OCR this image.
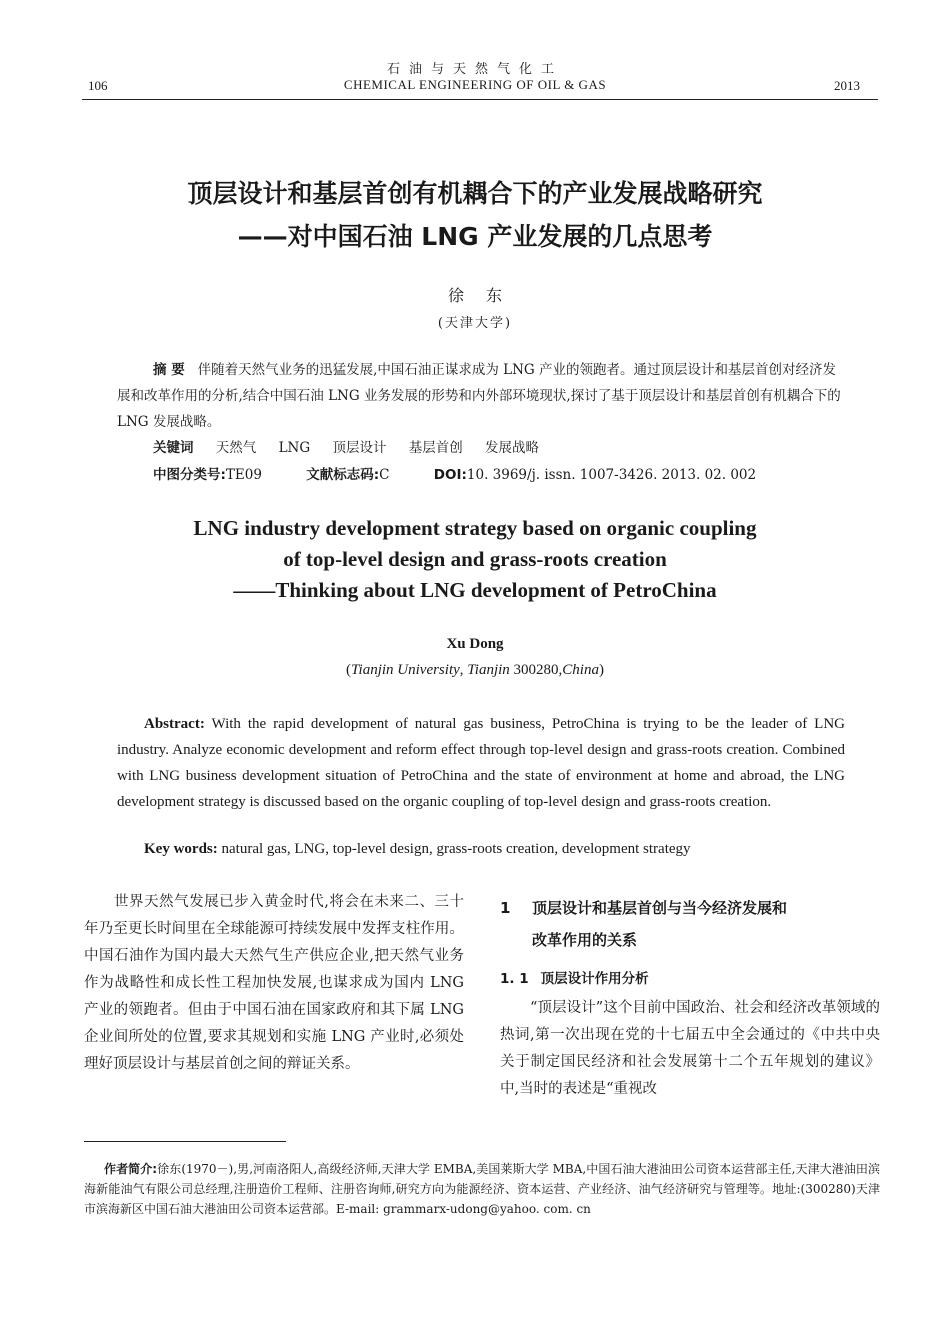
石油与天然气化工
CHEMICAL ENGINEERING OF OIL & GAS
106	2013
顶层设计和基层首创有机耦合下的产业发展战略研究
——对中国石油 LNG 产业发展的几点思考
徐东
(天津大学)
摘 要 伴随着天然气业务的迅猛发展,中国石油正谋求成为 LNG 产业的领跑者。通过顶层设计和基层首创对经济发展和改革作用的分析,结合中国石油 LNG 业务发展的形势和内外部环境现状,探讨了基于顶层设计和基层首创有机耦合下的 LNG 发展战略。
关键词 天然气 LNG 顶层设计 基层首创 发展战略
中图分类号:TE09	文献标志码:C	DOI:10. 3969/j. issn. 1007-3426. 2013. 02. 002
LNG industry development strategy based on organic coupling
of top-level design and grass-roots creation
——Thinking about LNG development of PetroChina
Xu Dong
(Tianjin University, Tianjin 300280,China)
Abstract: With the rapid development of natural gas business, PetroChina is trying to be the leader of LNG industry. Analyze economic development and reform effect through top-level design and grass-roots creation. Combined with LNG business development situation of PetroChina and the state of environment at home and abroad, the LNG development strategy is discussed based on the organic coupling of top-level design and grass-roots creation.
Key words: natural gas, LNG, top-level design, grass-roots creation, development strategy
世界天然气发展已步入黄金时代,将会在未来二、三十年乃至更长时间里在全球能源可持续发展中发挥支柱作用。中国石油作为国内最大天然气生产供应企业,把天然气业务作为战略性和成长性工程加快发展,也谋求成为国内 LNG 产业的领跑者。但由于中国石油在国家政府和其下属 LNG 企业间所处的位置,要求其规划和实施 LNG 产业时,必须处理好顶层设计与基层首创之间的辩证关系。
1 顶层设计和基层首创与当今经济发展和
改革作用的关系
1. 1 顶层设计作用分析
“顶层设计”这个目前中国政治、社会和经济改革领域的热词,第一次出现在党的十七届五中全会通过的《中共中央关于制定国民经济和社会发展第十二个五年规划的建议》中,当时的表述是“重视改
作者简介:徐东(1970－),男,河南洛阳人,高级经济师,天津大学 EMBA,美国莱斯大学 MBA,中国石油大港油田公司资本运营部主任,天津大港油田滨海新能油气有限公司总经理,注册造价工程师、注册咨询师,研究方向为能源经济、资本运营、产业经济、油气经济研究与管理等。地址:(300280)天津市滨海新区中国石油大港油田公司资本运营部。E-mail: grammarx-udong@yahoo. com. cn
